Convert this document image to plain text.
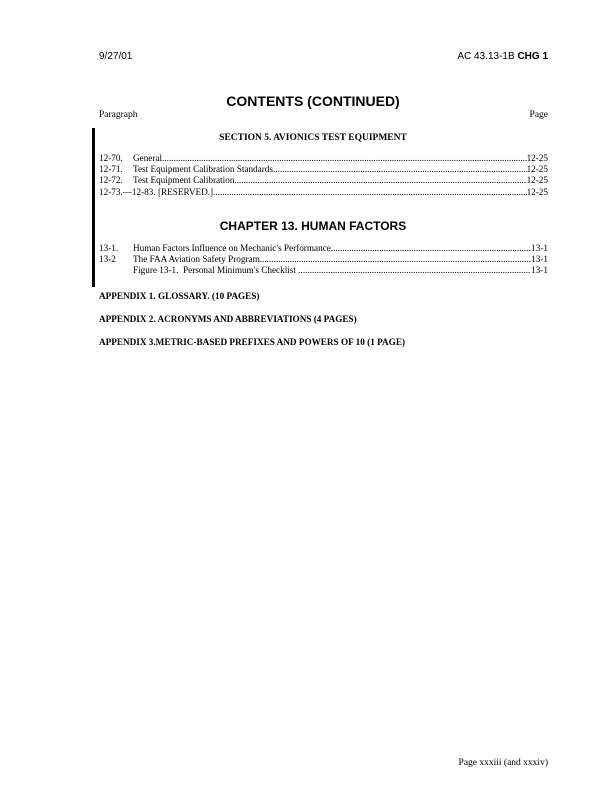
9/27/01	AC 43.13-1B CHG 1
CONTENTS (CONTINUED)
Paragraph	Page
SECTION 5. AVIONICS TEST EQUIPMENT
12-70.	General .....	12-25
12-71.	Test Equipment Calibration Standards .....	12-25
12-72.	Test Equipment Calibration .....	12-25
12-73.—12-83. [RESERVED.] .....	12-25
CHAPTER 13. HUMAN FACTORS
13-1.	Human Factors Influence on Mechanic's Performance .....	13-1
13-2	The FAA Aviation Safety Program .....	13-1
Figure 13-1.  Personal Minimum's Checklist .....	13-1
APPENDIX 1. GLOSSARY. (10 PAGES)
APPENDIX 2. ACRONYMS AND ABBREVIATIONS (4 PAGES)
APPENDIX 3.METRIC-BASED PREFIXES AND POWERS OF 10 (1 PAGE)
Page xxxiii (and xxxiv)
